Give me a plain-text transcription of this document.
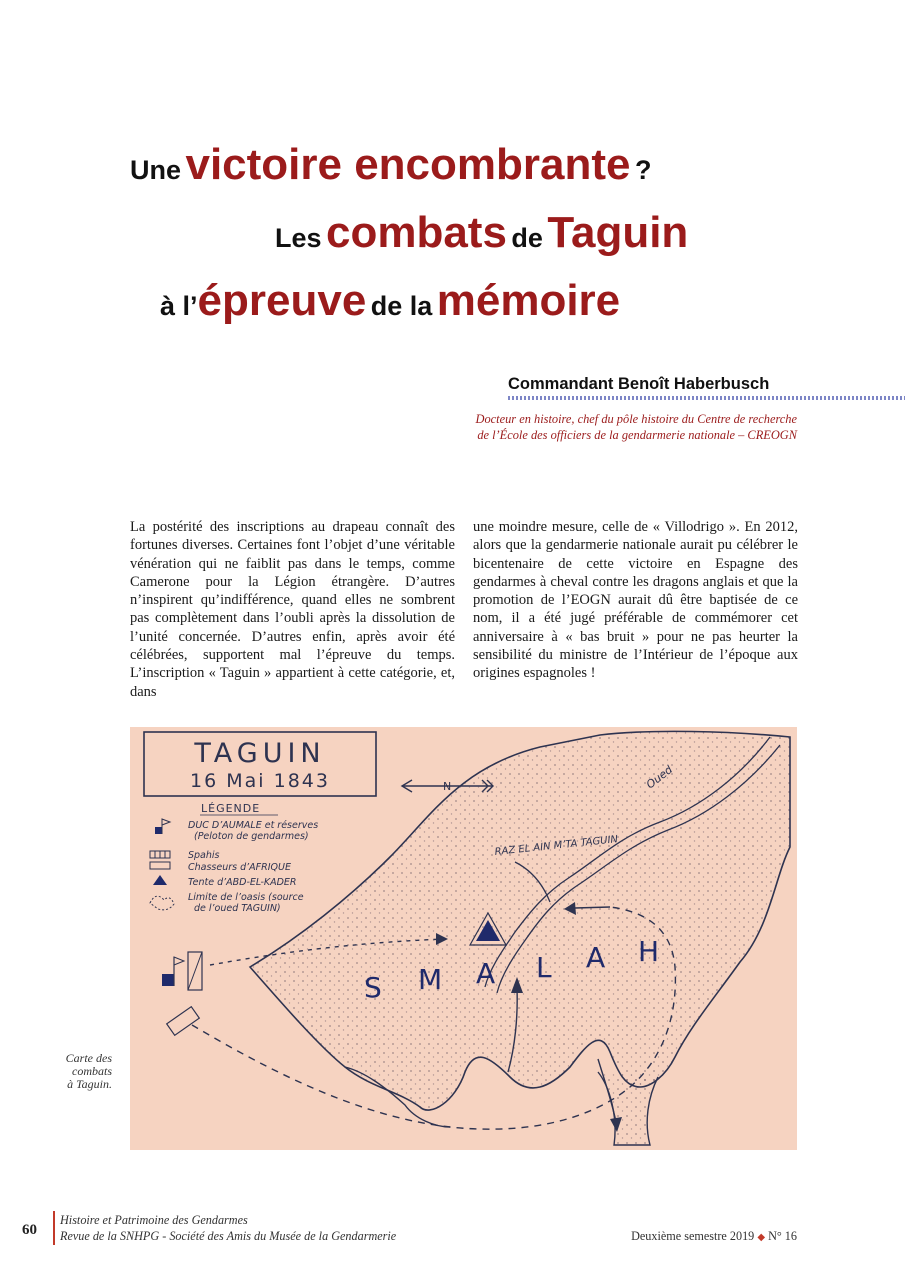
Une victoire encombrante ?
Les combats de Taguin
à l’épreuve de la mémoire
Commandant Benoît Haberbusch
Docteur en histoire, chef du pôle histoire du Centre de recherche
de l’École des officiers de la gendarmerie nationale – CREOGN
La postérité des inscriptions au drapeau connaît des fortunes diverses. Certaines font l’objet d’une véritable vénération qui ne faiblit pas dans le temps, comme Camerone pour la Légion étrangère. D’autres n’inspirent qu’indifférence, quand elles ne sombrent pas complètement dans l’oubli après la dissolution de l’unité concernée. D’autres enfin, après avoir été célébrées, supportent mal l’épreuve du temps. L’inscription « Taguin » appartient à cette catégorie, et, dans
une moindre mesure, celle de « Villodrigo ». En 2012, alors que la gendarmerie nationale aurait pu célébrer le bicentenaire de cette victoire en Espagne des gendarmes à cheval contre les dragons anglais et que la promotion de l’EOGN aurait dû être baptisée de ce nom, il a été jugé préférable de commémorer cet anniversaire à « bas bruit » pour ne pas heurter la sensibilité du ministre de l’Intérieur de l’époque aux origines espagnoles !
TAGUIN
16 Mai 1843	N
LÉGENDE
DUC D’AUMALE et réserves
(Peloton de gendarmes)
Spahis
Chasseurs d’AFRIQUE
Tente d’ABD-EL-KADER
Limite de l’oasis (source
de l’oued TAGUIN)
Oued
RAZ EL AIN M’TA TAGUIN
S M A L A H
Carte des
combats
à Taguin.
60
Histoire et Patrimoine des Gendarmes
Revue de la SNHPG - Société des Amis du Musée de la Gendarmerie	Deuxième semestre 2019 ◆ N° 16
